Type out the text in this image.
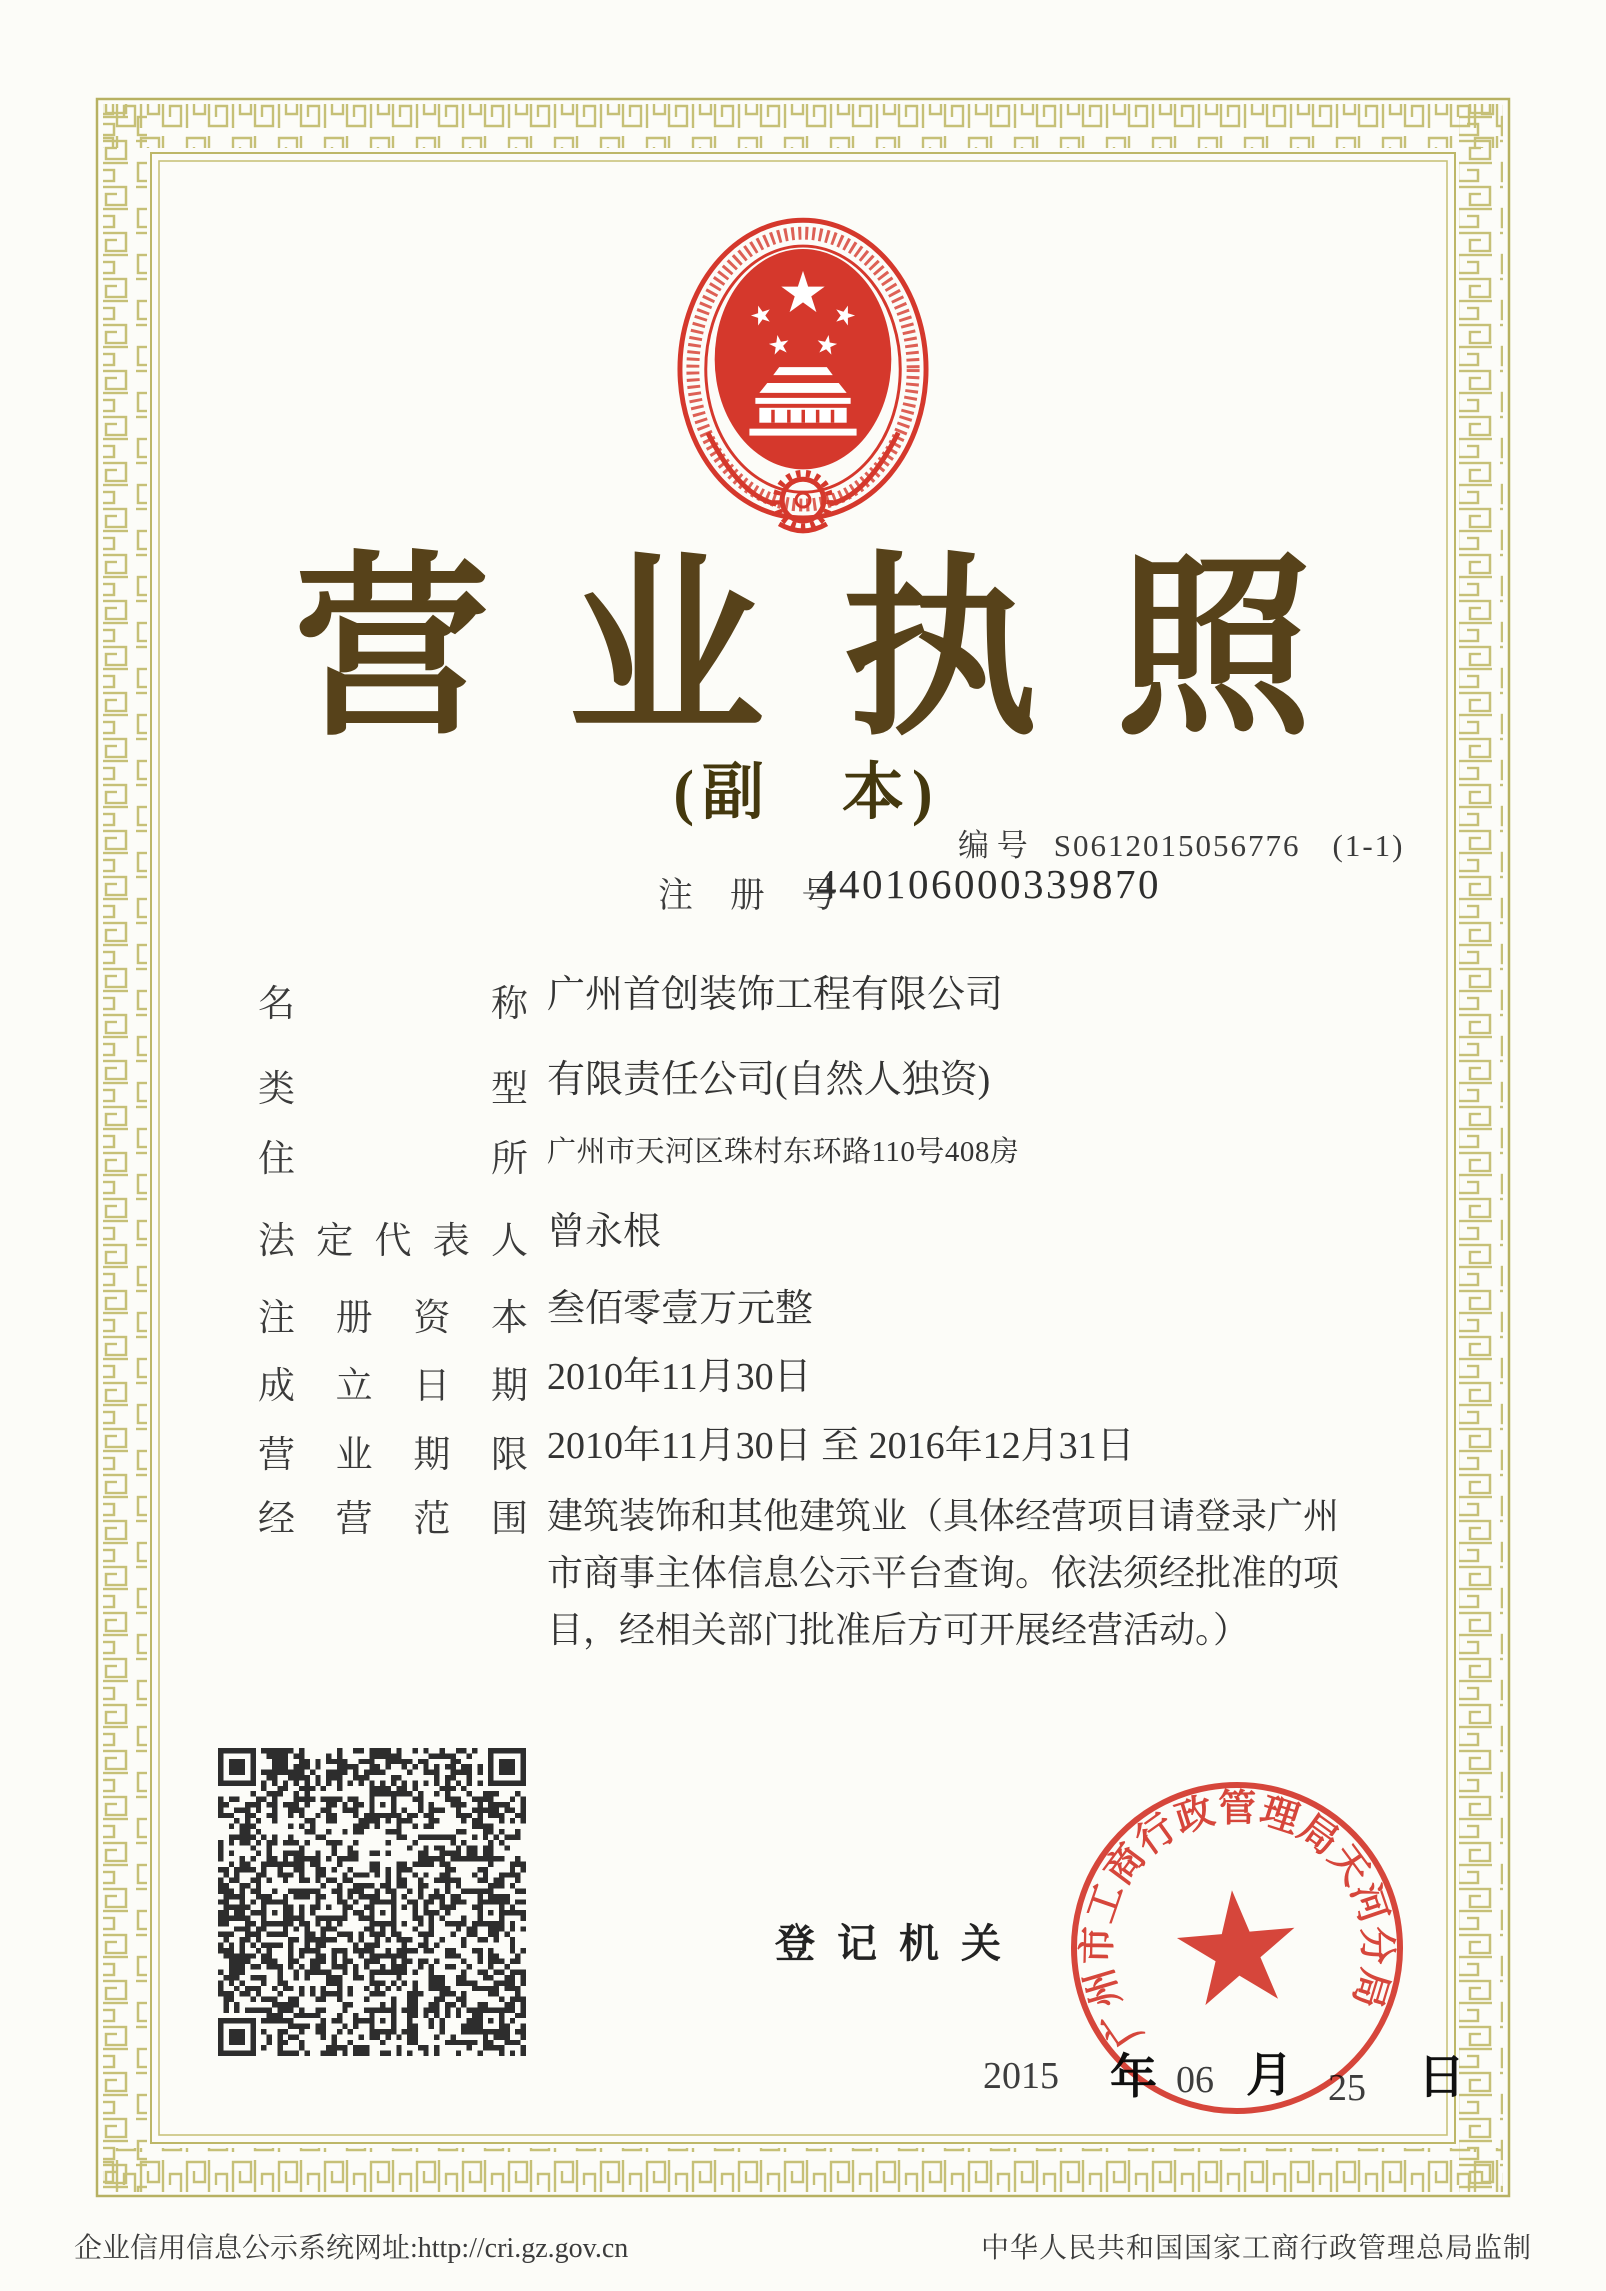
营业执照
(副　本)
编 号 S0612015056776 (1-1)
注 册 号
440106000339870
名	称 广州首创装饰工程有限公司
类	型 有限责任公司(自然人独资)
住	所 广州市天河区珠村东环路110号408房
法 定 代 表 人 曾永根
注 册 资 本 叁佰零壹万元整
成 立 日 期 2010年11月30日
营 业 期 限 2010年11月30日 至 2016年12月31日
经 营 范 围 建筑装饰和其他建筑业（具体经营项目请登录广州
市商事主体信息公示平台查询。依法须经批准的项
目，经相关部门批准后方可开展经营活动。）
登记机关
2015 年 06 月 25 日
广州市工商行政管理局天河分局
企业信用信息公示系统网址:http://cri.gz.gov.cn	中华人民共和国国家工商行政管理总局监制
